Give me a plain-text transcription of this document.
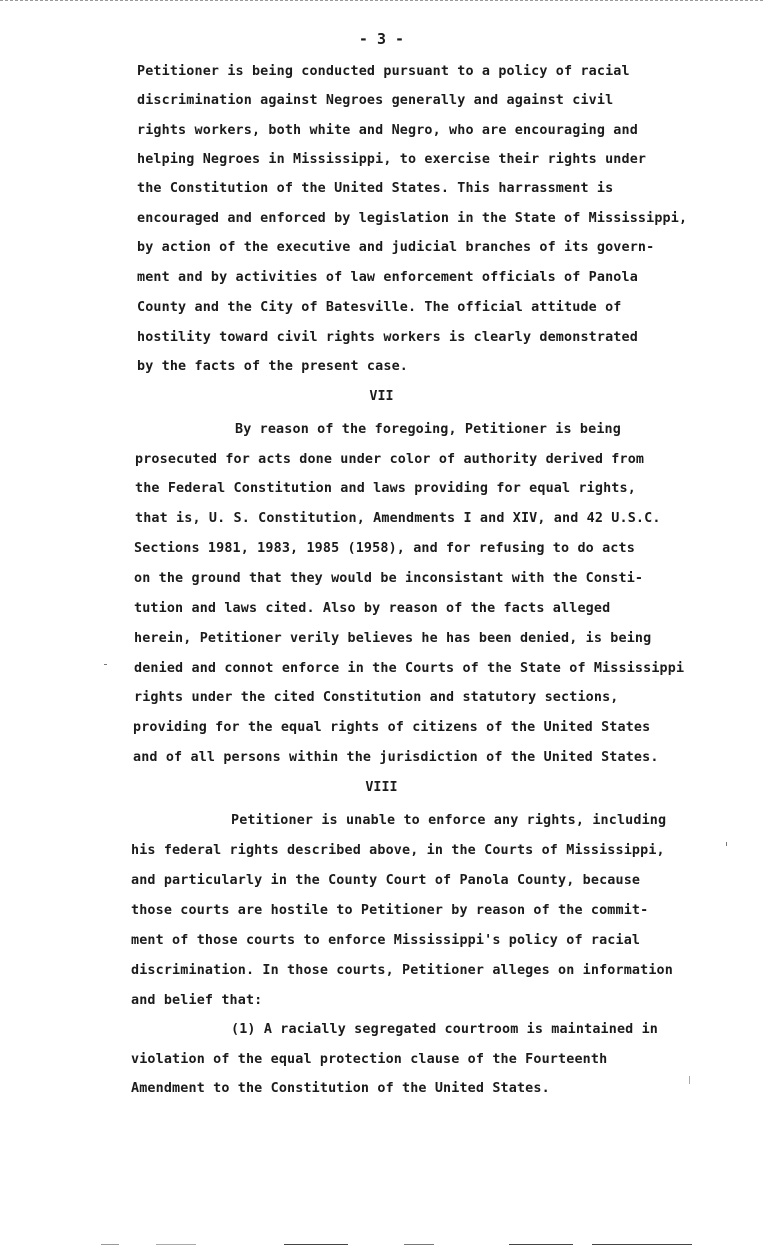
- 3 -
Petitioner is being conducted pursuant to a policy of racial
discrimination against Negroes generally and against civil
rights workers, both white and Negro, who are encouraging and
helping Negroes in Mississippi, to exercise their rights under
the Constitution of the United States. This harrassment is
encouraged and enforced by legislation in the State of Mississippi,
by action of the executive and judicial branches of its govern-
ment and by activities of law enforcement officials of Panola
County and the City of Batesville. The official attitude of
hostility toward civil rights workers is clearly demonstrated
by the facts of the present case.
VII
By reason of the foregoing, Petitioner is being
prosecuted for acts done under color of authority derived from
the Federal Constitution and laws providing for equal rights,
that is, U. S. Constitution, Amendments I and XIV, and 42 U.S.C.
Sections 1981, 1983, 1985 (1958), and for refusing to do acts
on the ground that they would be inconsistant with the Consti-
tution and laws cited. Also by reason of the facts alleged
herein, Petitioner verily believes he has been denied, is being
denied and connot enforce in the Courts of the State of Mississippi
rights under the cited Constitution and statutory sections,
providing for the equal rights of citizens of the United States
and of all persons within the jurisdiction of the United States.
VIII
Petitioner is unable to enforce any rights, including
his federal rights described above, in the Courts of Mississippi,
and particularly in the County Court of Panola County, because
those courts are hostile to Petitioner by reason of the commit-
ment of those courts to enforce Mississippi's policy of racial
discrimination. In those courts, Petitioner alleges on information
and belief that:
(1) A racially segregated courtroom is maintained in
violation of the equal protection clause of the Fourteenth
Amendment to the Constitution of the United States.
